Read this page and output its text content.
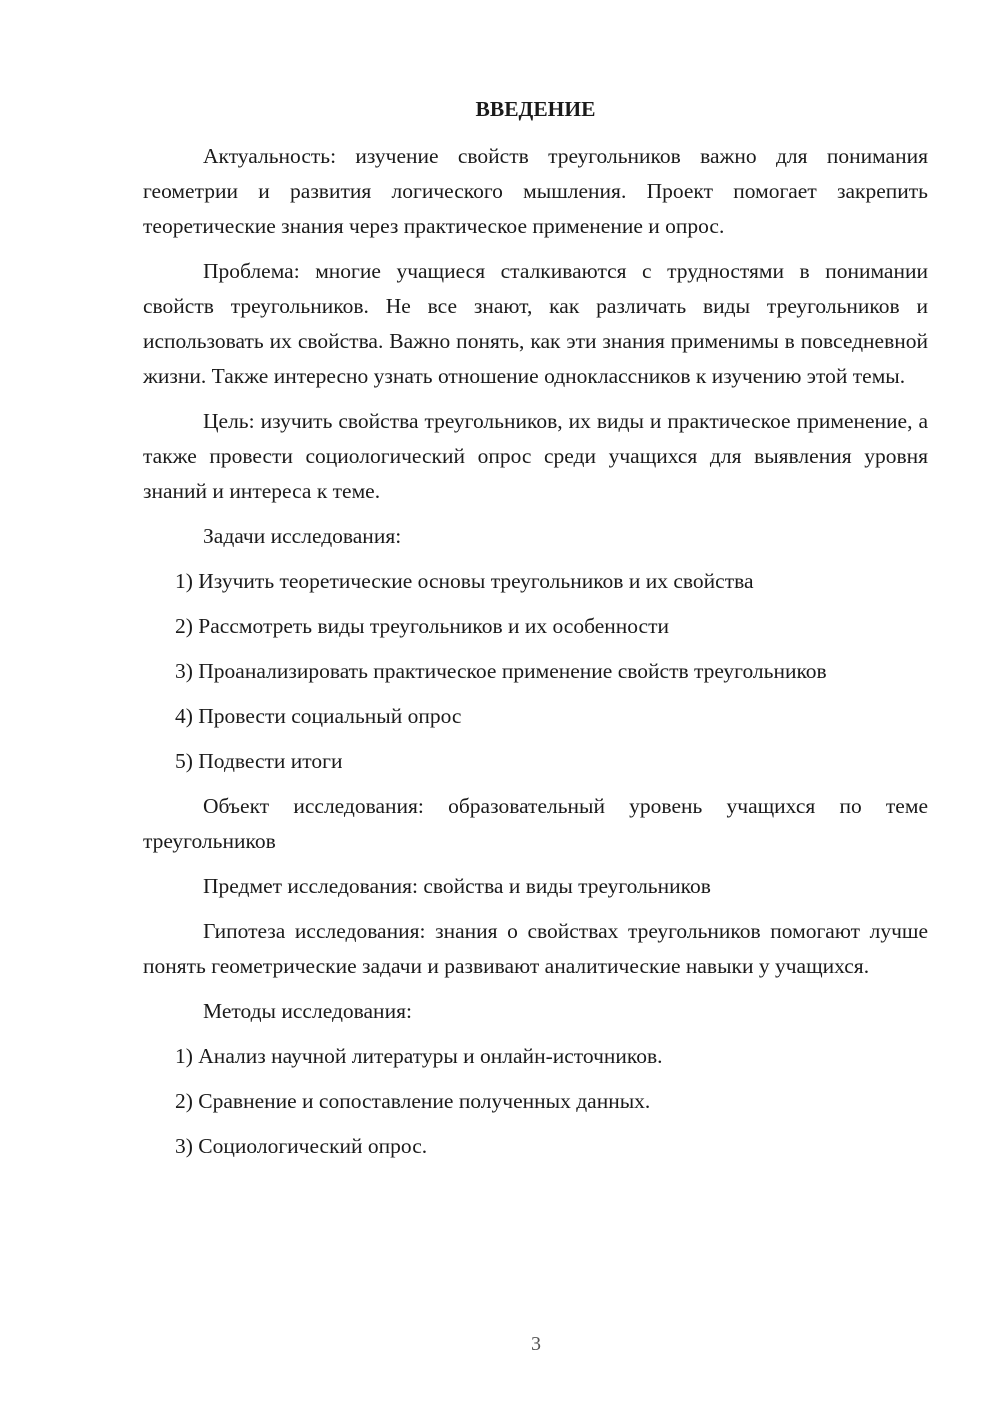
ВВЕДЕНИЕ

Актуальность: изучение свойств треугольников важно для понимания геометрии и развития логического мышления. Проект помогает закрепить теоретические знания через практическое применение и опрос.

Проблема: многие учащиеся сталкиваются с трудностями в понимании свойств треугольников. Не все знают, как различать виды треугольников и использовать их свойства. Важно понять, как эти знания применимы в повседневной жизни. Также интересно узнать отношение одноклассников к изучению этой темы.

Цель: изучить свойства треугольников, их виды и практическое применение, а также провести социологический опрос среди учащихся для выявления уровня знаний и интереса к теме.

Задачи исследования:

1) Изучить теоретические основы треугольников и их свойства

2) Рассмотреть виды треугольников и их особенности

3) Проанализировать практическое применение свойств треугольников

4) Провести социальный опрос

5) Подвести итоги

Объект исследования: образовательный уровень учащихся по теме треугольников

Предмет исследования: свойства и виды треугольников

Гипотеза исследования: знания о свойствах треугольников помогают лучше понять геометрические задачи и развивают аналитические навыки у учащихся.

Методы исследования:

1) Анализ научной литературы и онлайн-источников.

2) Сравнение и сопоставление полученных данных.

3) Социологический опрос.

3
